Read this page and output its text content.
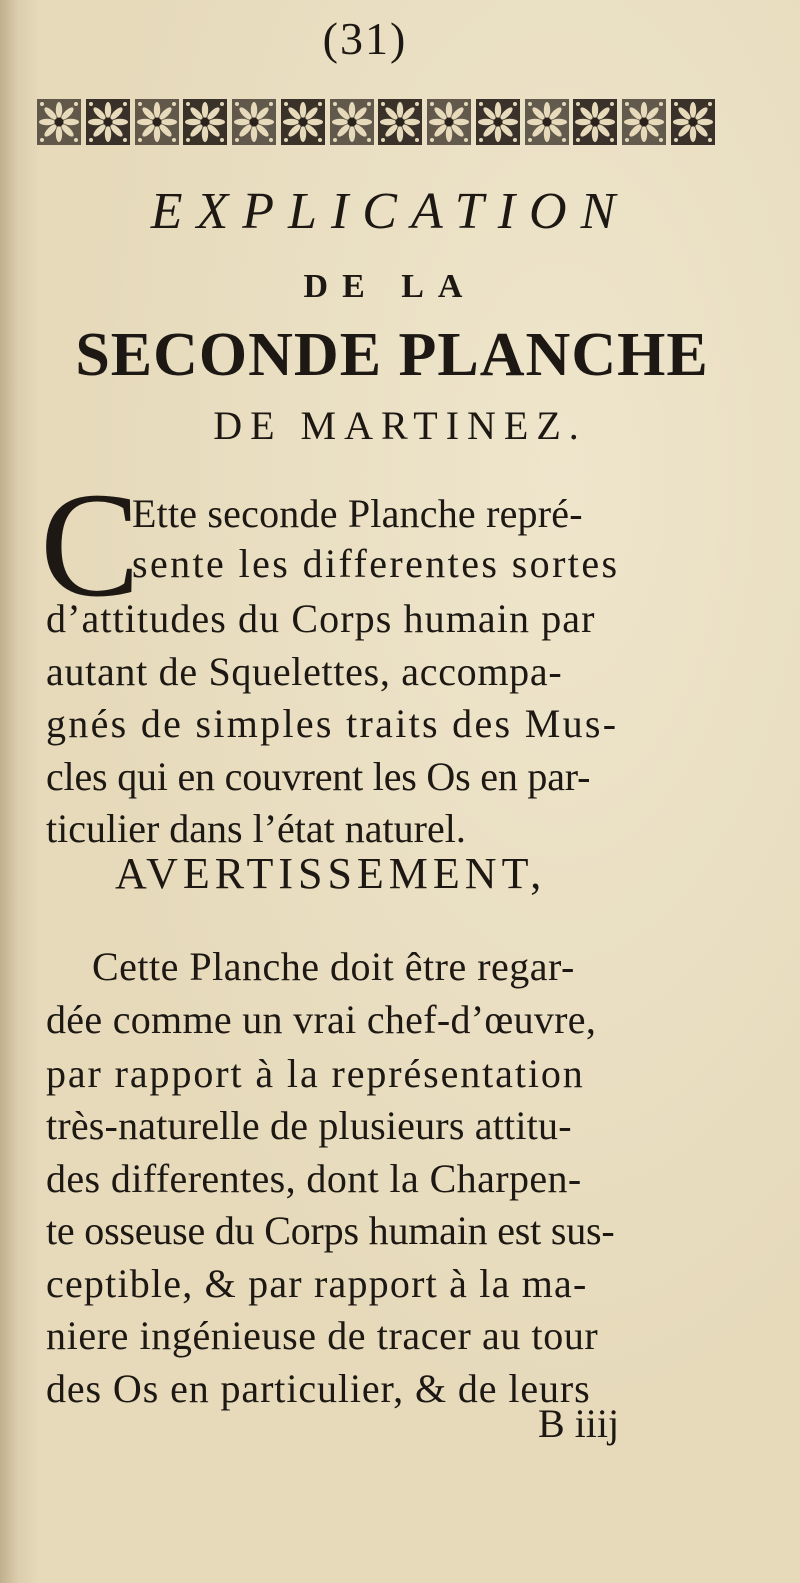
(31)
EXPLICATION
DE LA
SECONDE PLANCHE
DE MARTINEZ.
C
Ette seconde Planche repré-
sente les differentes sortes
d’attitudes du Corps humain par
autant de Squelettes, accompa-
gnés de simples traits des Mus-
cles qui en couvrent les Os en par-
ticulier dans l’état naturel.
AVERTISSEMENT,
Cette Planche doit être regar-
dée comme un vrai chef-d’œuvre,
par rapport à la représentation
très-naturelle de plusieurs attitu-
des differentes, dont la Charpen-
te osseuse du Corps humain est sus-
ceptible, & par rapport à la ma-
niere ingénieuse de tracer au tour
des Os en particulier, & de leurs
B iiij
